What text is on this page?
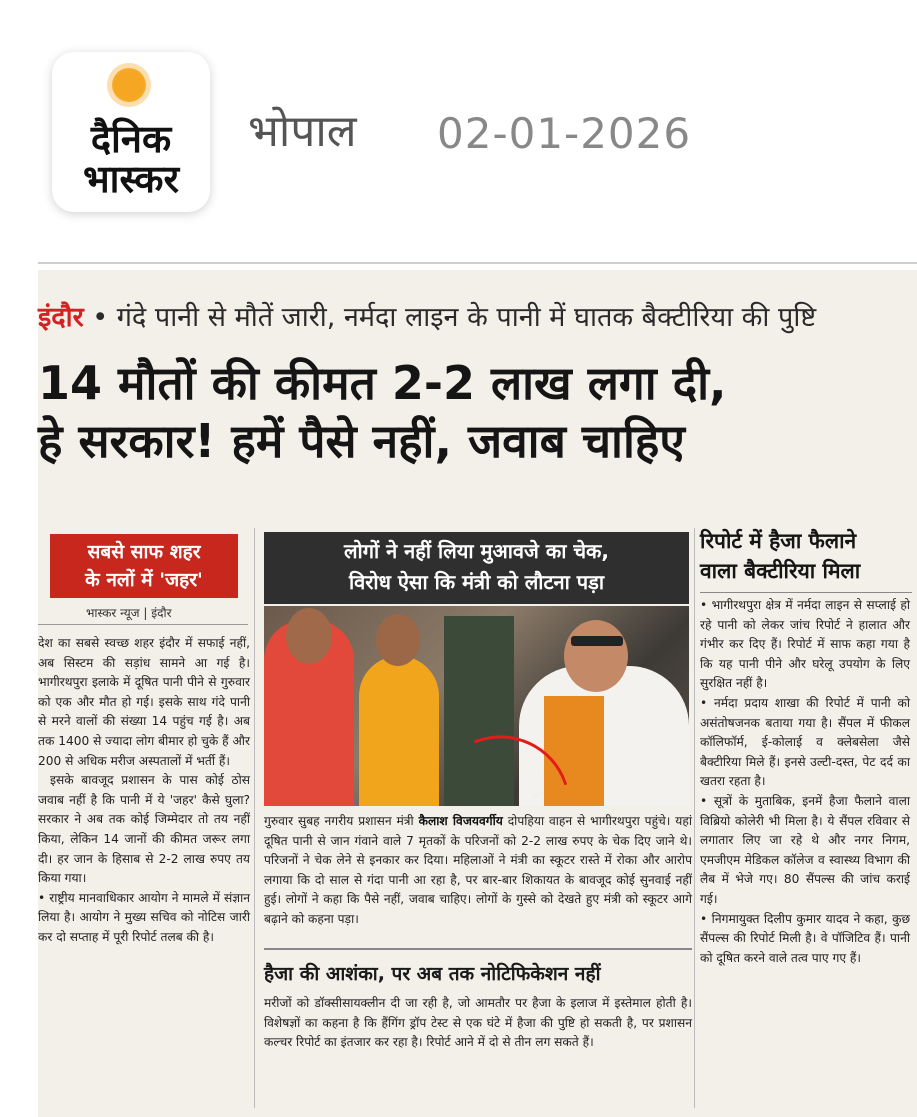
दैनिक
भास्कर
भोपाल 02-01-2026
इंदौर • गंदे पानी से मौतें जारी, नर्मदा लाइन के पानी में घातक बैक्टीरिया की पुष्टि
14 मौतों की कीमत 2-2 लाख लगा दी,
हे सरकार! हमें पैसे नहीं, जवाब चाहिए
सबसे साफ शहर
के नलों में 'जहर'
भास्कर न्यूज | इंदौर

देश का सबसे स्वच्छ शहर इंदौर में सफाई नहीं, अब सिस्टम की सड़ांध सामने आ गई है। भागीरथपुरा इलाके में दूषित पानी पीने से गुरुवार को एक और मौत हो गई। इसके साथ गंदे पानी से मरने वालों की संख्या 14 पहुंच गई है। अब तक 1400 से ज्यादा लोग बीमार हो चुके हैं और 200 से अधिक मरीज अस्पतालों में भर्ती हैं।

इसके बावजूद प्रशासन के पास कोई ठोस जवाब नहीं है कि पानी में ये 'जहर' कैसे घुला? सरकार ने अब तक कोई जिम्मेदार तो तय नहीं किया, लेकिन 14 जानों की कीमत जरूर लगा दी। हर जान के हिसाब से 2-2 लाख रुपए तय किया गया।

• राष्ट्रीय मानवाधिकार आयोग ने मामले में संज्ञान लिया है। आयोग ने मुख्य सचिव को नोटिस जारी कर दो सप्ताह में पूरी रिपोर्ट तलब की है।

लोगों ने नहीं लिया मुआवजे का चेक,
विरोध ऐसा कि मंत्री को लौटना पड़ा

गुरुवार सुबह नगरीय प्रशासन मंत्री कैलाश विजयवर्गीय दोपहिया वाहन से भागीरथपुरा पहुंचे। यहां दूषित पानी से जान गंवाने वाले 7 मृतकों के परिजनों को 2-2 लाख रुपए के चेक दिए जाने थे। परिजनों ने चेक लेने से इनकार कर दिया। महिलाओं ने मंत्री का स्कूटर रास्ते में रोका और आरोप लगाया कि दो साल से गंदा पानी आ रहा है, पर बार-बार शिकायत के बावजूद कोई सुनवाई नहीं हुई। लोगों ने कहा कि पैसे नहीं, जवाब चाहिए। लोगों के गुस्से को देखते हुए मंत्री को स्कूटर आगे बढ़ाने को कहना पड़ा।

हैजा की आशंका, पर अब तक नोटिफिकेशन नहीं

मरीजों को डॉक्सीसायक्लीन दी जा रही है, जो आमतौर पर हैजा के इलाज में इस्तेमाल होती है। विशेषज्ञों का कहना है कि हैंगिंग ड्रॉप टेस्ट से एक घंटे में हैजा की पुष्टि हो सकती है, पर प्रशासन कल्चर रिपोर्ट का इंतजार कर रहा है। रिपोर्ट आने में दो से तीन लग सकते हैं।

रिपोर्ट में हैजा फैलाने
वाला बैक्टीरिया मिला

• भागीरथपुरा क्षेत्र में नर्मदा लाइन से सप्लाई हो रहे पानी को लेकर जांच रिपोर्ट ने हालात और गंभीर कर दिए हैं। रिपोर्ट में साफ कहा गया है कि यह पानी पीने और घरेलू उपयोग के लिए सुरक्षित नहीं है।

• नर्मदा प्रदाय शाखा की रिपोर्ट में पानी को असंतोषजनक बताया गया है। सैंपल में फीकल कॉलिफॉर्म, ई-कोलाई व क्लेबसेला जैसे बैक्टीरिया मिले हैं। इनसे उल्टी-दस्त, पेट दर्द का खतरा रहता है।

• सूत्रों के मुताबिक, इनमें हैजा फैलाने वाला विब्रियो कोलेरी भी मिला है। ये सैंपल रविवार से लगातार लिए जा रहे थे और नगर निगम, एमजीएम मेडिकल कॉलेज व स्वास्थ्य विभाग की लैब में भेजे गए। 80 सैंपल्स की जांच कराई गई।

• निगमायुक्त दिलीप कुमार यादव ने कहा, कुछ सैंपल्स की रिपोर्ट मिली है। वे पॉजिटिव हैं। पानी को दूषित करने वाले तत्व पाए गए हैं।
